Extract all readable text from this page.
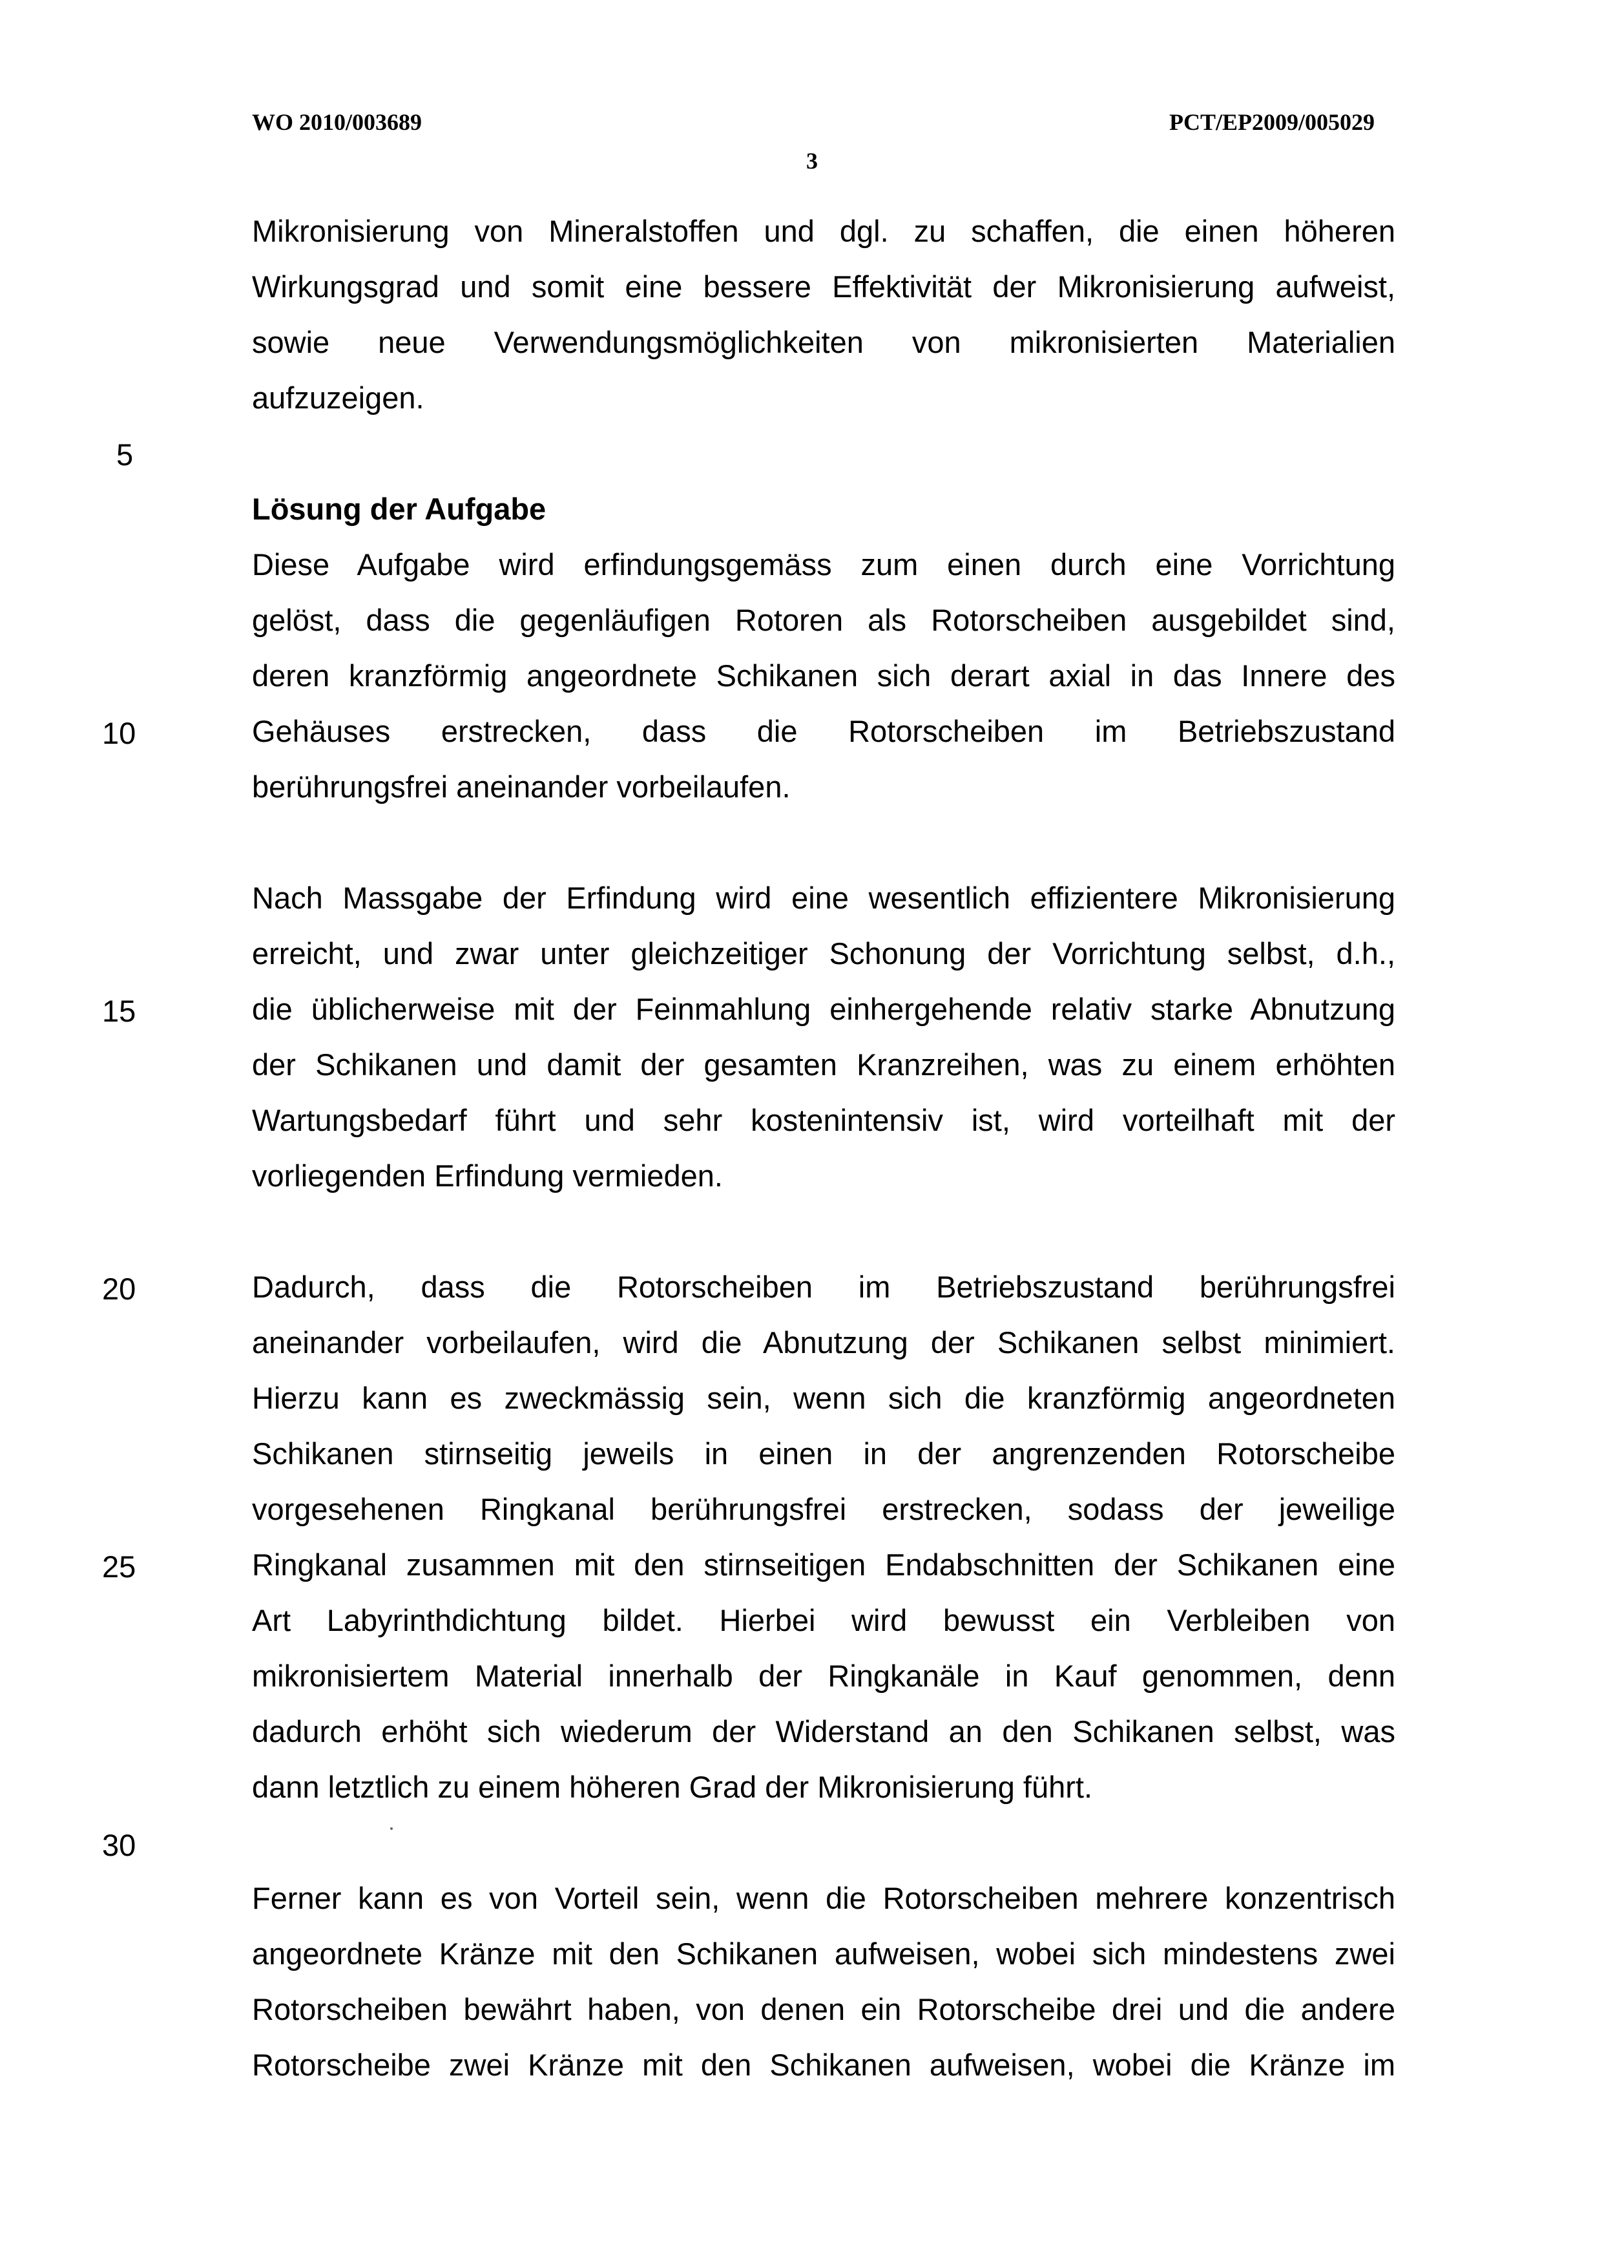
WO 2010/003689	PCT/EP2009/005029
3
5
10
15
20
25
30
Mikronisierung von Mineralstoffen und dgl. zu schaffen, die einen höheren
Wirkungsgrad und somit eine bessere Effektivität der Mikronisierung aufweist,
sowie neue Verwendungsmöglichkeiten von mikronisierten Materialien
aufzuzeigen.
Lösung der Aufgabe
Diese Aufgabe wird erfindungsgemäss zum einen durch eine Vorrichtung
gelöst, dass die gegenläufigen Rotoren als Rotorscheiben ausgebildet sind,
deren kranzförmig angeordnete Schikanen sich derart axial in das Innere des
Gehäuses erstrecken, dass die Rotorscheiben im Betriebszustand
berührungsfrei aneinander vorbeilaufen.
Nach Massgabe der Erfindung wird eine wesentlich effizientere Mikronisierung
erreicht, und zwar unter gleichzeitiger Schonung der Vorrichtung selbst, d.h.,
die üblicherweise mit der Feinmahlung einhergehende relativ starke Abnutzung
der Schikanen und damit der gesamten Kranzreihen, was zu einem erhöhten
Wartungsbedarf führt und sehr kostenintensiv ist, wird vorteilhaft mit der
vorliegenden Erfindung vermieden.
Dadurch, dass die Rotorscheiben im Betriebszustand berührungsfrei
aneinander vorbeilaufen, wird die Abnutzung der Schikanen selbst minimiert.
Hierzu kann es zweckmässig sein, wenn sich die kranzförmig angeordneten
Schikanen stirnseitig jeweils in einen in der angrenzenden Rotorscheibe
vorgesehenen Ringkanal berührungsfrei erstrecken, sodass der jeweilige
Ringkanal zusammen mit den stirnseitigen Endabschnitten der Schikanen eine
Art Labyrinthdichtung bildet. Hierbei wird bewusst ein Verbleiben von
mikronisiertem Material innerhalb der Ringkanäle in Kauf genommen, denn
dadurch erhöht sich wiederum der Widerstand an den Schikanen selbst, was
dann letztlich zu einem höheren Grad der Mikronisierung führt.
Ferner kann es von Vorteil sein, wenn die Rotorscheiben mehrere konzentrisch
angeordnete Kränze mit den Schikanen aufweisen, wobei sich mindestens zwei
Rotorscheiben bewährt haben, von denen ein Rotorscheibe drei und die andere
Rotorscheibe zwei Kränze mit den Schikanen aufweisen, wobei die Kränze im
